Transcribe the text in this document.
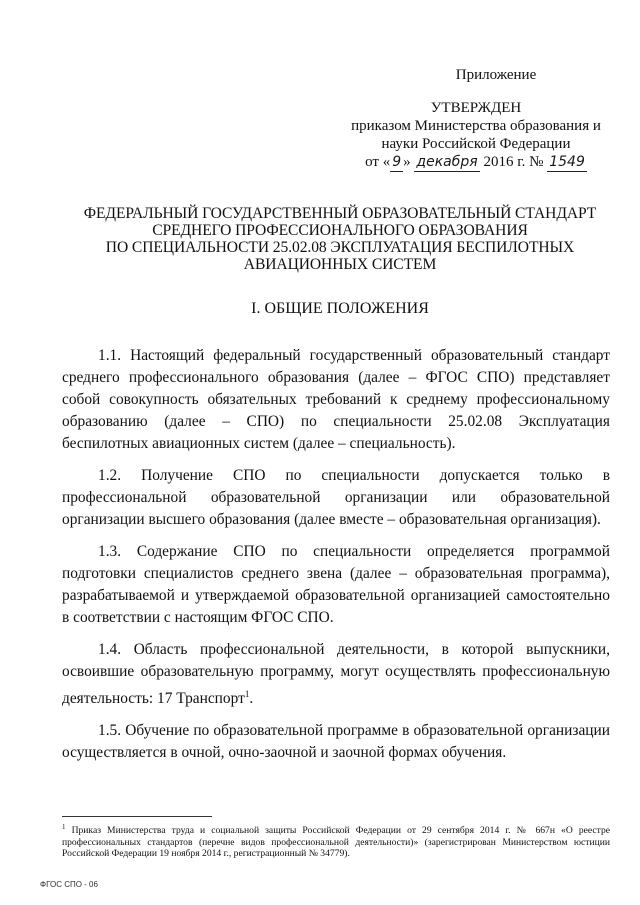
Приложение
УТВЕРЖДЕН
приказом Министерства образования и
науки Российской Федерации
от « 9 » декабря 2016 г. № 1549
ФЕДЕРАЛЬНЫЙ ГОСУДАРСТВЕННЫЙ ОБРАЗОВАТЕЛЬНЫЙ СТАНДАРТ
СРЕДНЕГО ПРОФЕССИОНАЛЬНОГО ОБРАЗОВАНИЯ
ПО СПЕЦИАЛЬНОСТИ 25.02.08 ЭКСПЛУАТАЦИЯ БЕСПИЛОТНЫХ
АВИАЦИОННЫХ СИСТЕМ
I. ОБЩИЕ ПОЛОЖЕНИЯ

1.1. Настоящий федеральный государственный образовательный стандарт среднего профессионального образования (далее – ФГОС СПО) представляет собой совокупность обязательных требований к среднему профессиональному образованию (далее – СПО) по специальности 25.02.08 Эксплуатация беспилотных авиационных систем (далее – специальность).

1.2. Получение СПО по специальности допускается только в профессиональной образовательной организации или образовательной организации высшего образования (далее вместе – образовательная организация).

1.3. Содержание СПО по специальности определяется программой подготовки специалистов среднего звена (далее – образовательная программа), разрабатываемой и утверждаемой образовательной организацией самостоятельно в соответствии с настоящим ФГОС СПО.

1.4. Область профессиональной деятельности, в которой выпускники, освоившие образовательную программу, могут осуществлять профессиональную деятельность: 17 Транспорт$^1$.

1.5. Обучение по образовательной программе в образовательной организации осуществляется в очной, очно-заочной и заочной формах обучения.

$^1$ Приказ Министерства труда и социальной защиты Российской Федерации от 29 сентября 2014 г. № 667н «О реестре профессиональных стандартов (перечне видов профессиональной деятельности)» (зарегистрирован Министерством юстиции Российской Федерации 19 ноября 2014 г., регистрационный № 34779).
ФГОС СПО - 06
